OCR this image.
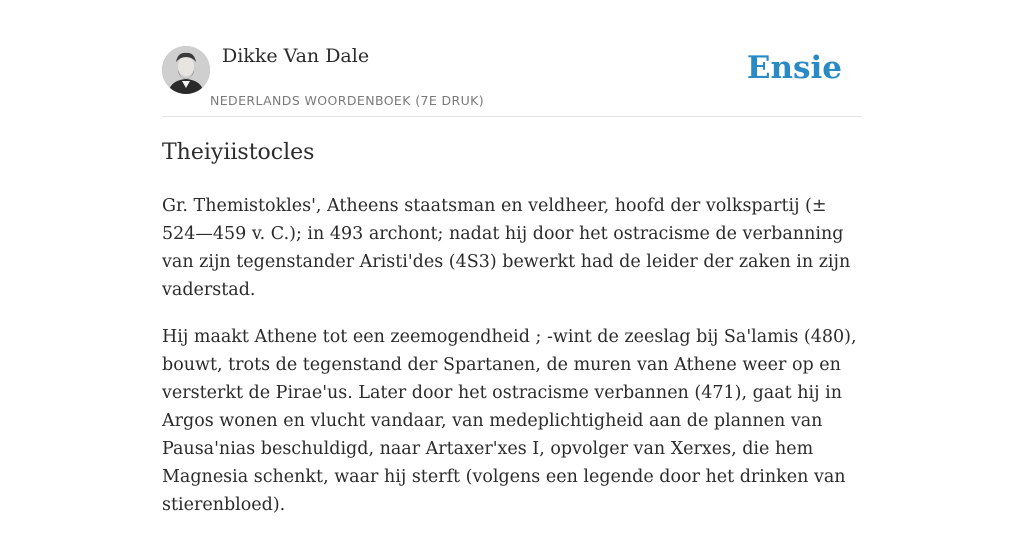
Dikke Van Dale
NEDERLANDS WOORDENBOEK (7E DRUK)
Ensie
Theiyiistocles

Gr. Themistokles', Atheens staatsman en veldheer, hoofd der volkspartij (± 524—459 v. C.); in 493 archont; nadat hij door het ostracisme de verbanning van zijn tegenstander Aristi'des (4S3) bewerkt had de leider der zaken in zijn vaderstad.

Hij maakt Athene tot een zeemogendheid ; -wint de zeeslag bij Sa'lamis (480), bouwt, trots de tegenstand der Spartanen, de muren van Athene weer op en versterkt de Pirae'us. Later door het ostracisme verbannen (471), gaat hij in Argos wonen en vlucht vandaar, van medeplichtigheid aan de plannen van Pausa'nias beschuldigd, naar Artaxer'xes I, opvolger van Xerxes, die hem Magnesia schenkt, waar hij sterft (volgens een legende door het drinken van stierenbloed).
